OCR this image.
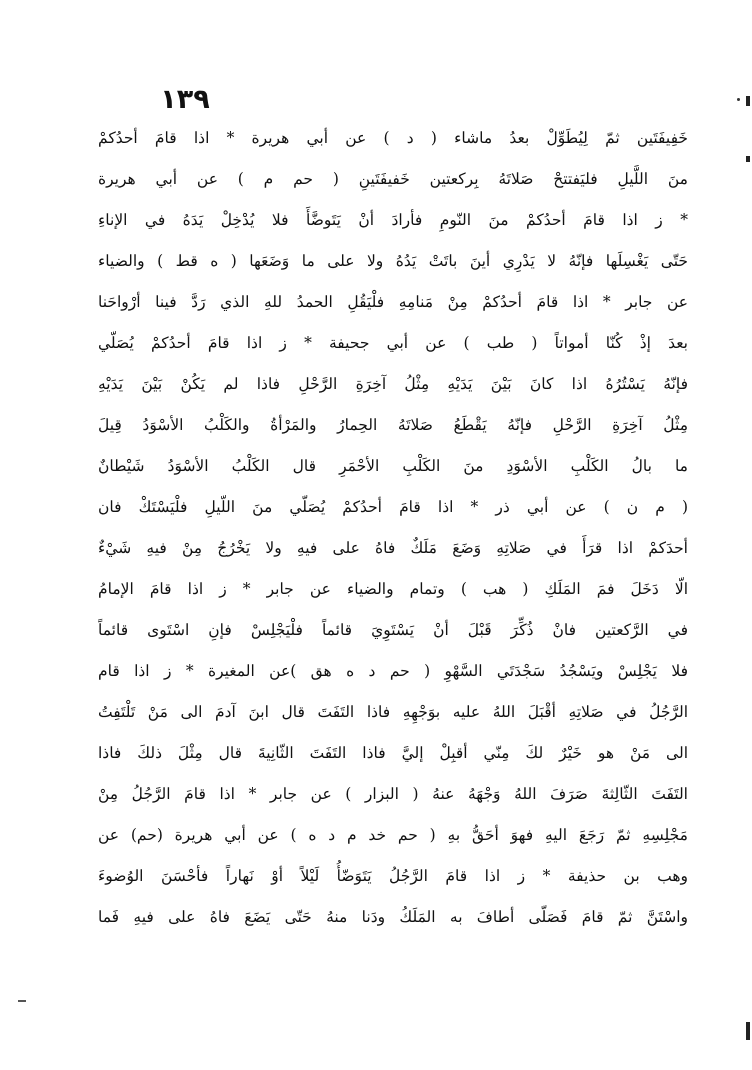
١٣٩
خَفِيفَتَين ثمّ لِيُطَوِّلْ بعدُ ماشاء ( د ) عن أبي هريرة * اذا قامَ أحدُكمْ
منَ اللَّيلِ فليَفتتحْ صَلاتَهُ بِركعتين خَفيفَتَينِ ( حم م ) عن أبي هريرة
* ز اذا قامَ أحدُكمْ منَ النّومِ فأرادَ أنْ يَتَوضَّأَ فلا يُدْخِلْ يَدَهُ في الإناءِ
حَتّى يَغْسِلَها فإنّهُ لا يَدْرِي أينَ باتَتْ يَدُهُ ولا على ما وَضَعَها ( ه قط ) والضياء
عن جابر * اذا قامَ أحدُكمْ مِنْ مَنامِهِ فلْيَقُلِ الحمدُ للهِ الذي رَدَّ فينا أرْواحَنا
بعدَ إذْ كُنّا أمواتاً ( طب ) عن أبي جحيفة * ز اذا قامَ أحدُكمْ يُصَلّي
فإنّهُ يَسْتُرُهُ اذا كانَ بَيْنَ يَدَيْهِ مِثْلُ آخِرَةِ الرَّحْلِ فاذا لم يَكُنْ بَيْنَ يَدَيْهِ
مِثْلُ آخِرَةِ الرَّحْلِ فإنّهُ يَقْطَعُ صَلاتَهُ الحِمارُ والمَرْأةُ والكَلْبُ الأسْوَدُ قِيلَ
ما بالُ الكَلْبِ الأسْوَدِ منَ الكَلْبِ الأحْمَرِ قال الكَلْبُ الأسْوَدُ شَيْطانٌ
( م ن ) عن أبي ذر * اذا قامَ أحدُكمْ يُصَلّي منَ اللّيلِ فلْيَسْتَكْ فان
أحدَكمْ اذا قرَأَ في صَلاتِهِ وَضَعَ مَلَكٌ فاهُ على فيهِ ولا يَخْرُجُ مِنْ فيهِ شَيْءٌ
الّا دَخَلَ فمَ المَلَكِ ( هب ) وتمام والضياء عن جابر * ز اذا قامَ الإمامُ
في الرَّكعتين فانْ ذُكِّرَ قَبْلَ أنْ يَسْتَوِيَ قائماً فلْيَجْلِسْ فإنِ اسْتَوى قائماً
فلا يَجْلِسْ ويَسْجُدُ سَجْدَتَي السَّهْوِ ( حم د ه هق )عن المغيرة * ز اذا قام
الرَّجُلُ في صَلاتِهِ أقْبَلَ اللهُ عليه بوَجْهِهِ فاذا التَفَتَ قال ابنَ آدمَ الى مَنْ تَلْتَفِتُ
الى مَنْ هو خَيْرٌ لكَ مِنّي أقبِلْ إليَّ فاذا التَفَتَ الثّانِيةَ قال مِثْلَ ذلكَ فاذا
التَفَتَ الثّالِثةَ صَرَفَ اللهُ وَجْهَهُ عنهُ ( البزار ) عن جابر * اذا قامَ الرَّجُلُ مِنْ
مَجْلِسِهِ ثمّ رَجَعَ اليهِ فهوَ أحَقُّ بهِ ( حم خد م د ه ) عن أبي هريرة (حم) عن
وهب بن حذيفة * ز اذا قامَ الرَّجُلُ يَتَوَضّأُ لَيْلاً أوْ نَهاراً فأحْسَنَ الوُضوءَ
واسْتَنَّ ثمّ قامَ فَصَلّى أطافَ به المَلَكُ ودَنا منهُ حَتّى يَضَعَ فاهُ على فيهِ فَما
